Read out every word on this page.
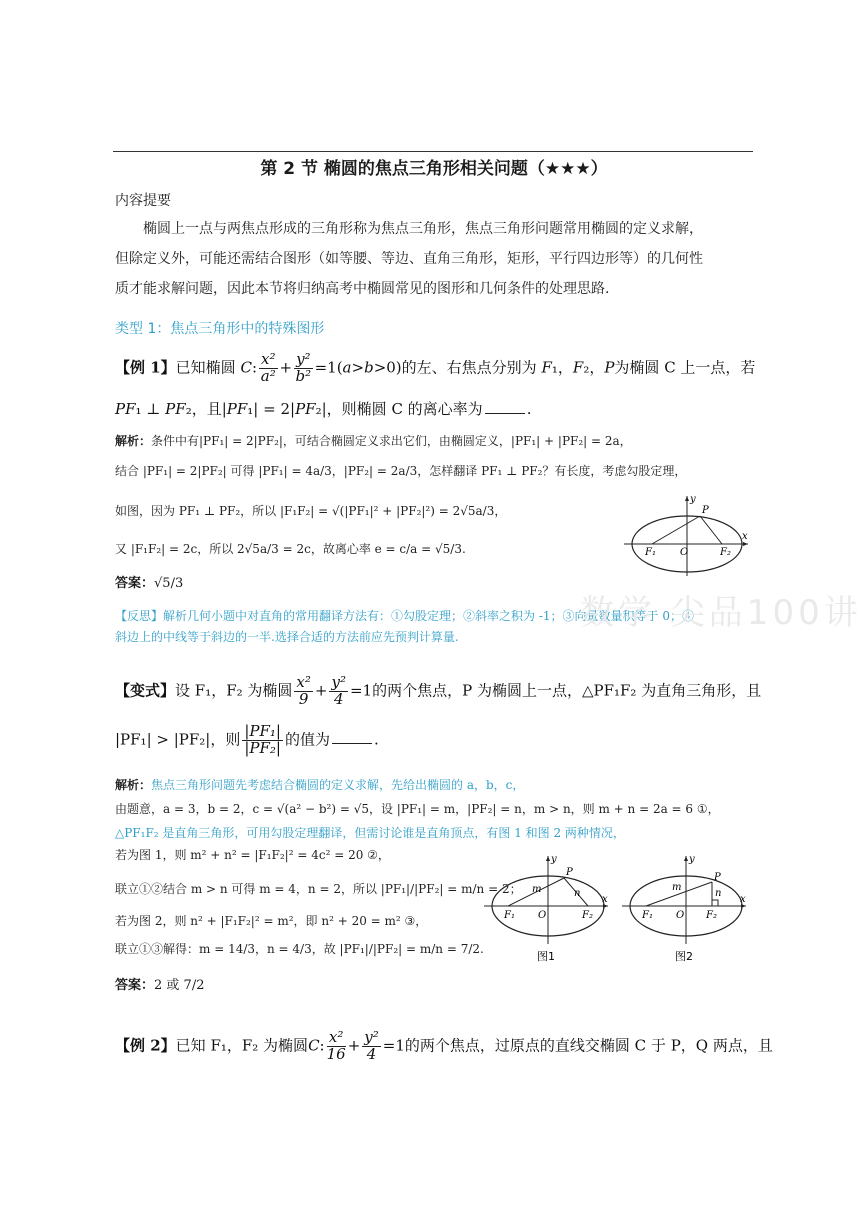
第 2 节 椭圆的焦点三角形相关问题（★★★）
内容提要
椭圆上一点与两焦点形成的三角形称为焦点三角形，焦点三角形问题常用椭圆的定义求解，
但除定义外，可能还需结合图形（如等腰、等边、直角三角形，矩形，平行四边形等）的几何性
质才能求解问题，因此本节将归纳高考中椭圆常见的图形和几何条件的处理思路.
类型 1：焦点三角形中的特殊图形
【例 1】已知椭圆 C: $\frac{\text{x²}}{\text{a²}} + \frac{\text{y²}}{\text{b²}} =1(a>b>0)$的左、右焦点分别为 F₁，F₂，P为椭圆 C 上一点，若
PF₁ ⊥ PF₂，且|PF₁| = 2|PF₂|，则椭圆 C 的离心率为	.
解析：条件中有|PF₁| = 2|PF₂|，可结合椭圆定义求出它们，由椭圆定义，|PF₁| + |PF₂| = 2a，
结合 |PF₁| = 2|PF₂| 可得 |PF₁| = 4a/3，|PF₂| = 2a/3，怎样翻译 PF₁ ⊥ PF₂？有长度，考虑勾股定理，
如图，因为 PF₁ ⊥ PF₂，所以 |F₁F₂| = √(|PF₁|² + |PF₂|²) = 2√5a/3，
又 |F₁F₂| = 2c，所以 2√5a/3 = 2c，故离心率 e = c/a = √5/3.
答案：√5/3
【反思】解析几何小题中对直角的常用翻译方法有：①勾股定理；②斜率之积为 -1；③向量数量积等于 0；④
斜边上的中线等于斜边的一半.选择合适的方法前应先预判计算量.
P
F₁	F₂
O
y
x
数学 尖品100讲
【变式】设 F₁，F₂ 为椭圆 $\frac{\text{x²}}{9} + \frac{\text{y²}}{4} =1$的两个焦点，P 为椭圆上一点，△PF₁F₂ 为直角三角形，且
|PF₁| > |PF₂|，则 $\frac{\text{|PF₁|}}{\text{|PF₂|}}$ 的值为	.
解析：焦点三角形问题先考虑结合椭圆的定义求解，先给出椭圆的 a，b，c，
由题意，a = 3，b = 2，c = √(a² − b²) = √5，设 |PF₁| = m，|PF₂| = n，m > n，则 m + n = 2a = 6 ①，
△PF₁F₂ 是直角三角形，可用勾股定理翻译，但需讨论谁是直角顶点，有图 1 和图 2 两种情况，
若为图 1，则 m² + n² = |F₁F₂|² = 4c² = 20 ②，
联立①②结合 m > n 可得 m = 4，n = 2，所以 |PF₁|/|PF₂| = m/n = 2；
若为图 2，则 n² + |F₁F₂|² = m²，即 n² + 20 = m² ③，
联立①③解得：m = 14/3，n = 4/3，故 |PF₁|/|PF₂| = m/n = 7/2.
答案：2 或 7/2
P
m	n
F₁ O	F₂
y
x
图1
P
m
n
F₁ O F₂
y
x
图2
【例 2】已知 F₁，F₂ 为椭圆C: $\frac{\text{x²}}{16} + \frac{\text{y²}}{4} =1$的两个焦点，过原点的直线交椭圆 C 于 P，Q 两点，且
